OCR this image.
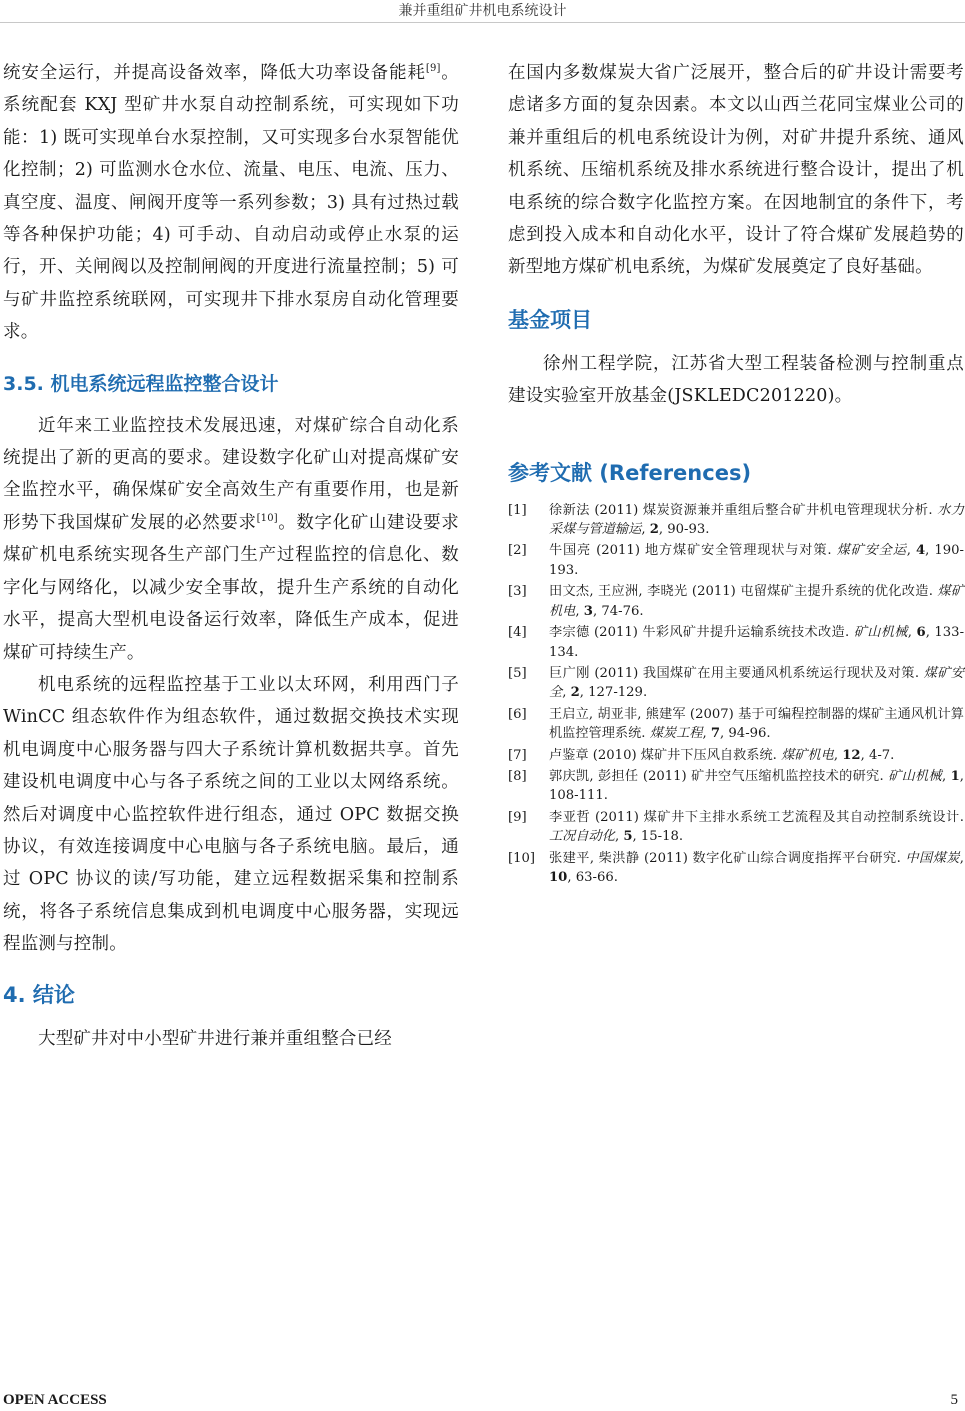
兼并重组矿井机电系统设计

统安全运行，并提高设备效率，降低大功率设备能耗[9]。系统配套 KXJ 型矿井水泵自动控制系统，可实现如下功能：1) 既可实现单台水泵控制，又可实现多台水泵智能优化控制；2) 可监测水仓水位、流量、电压、电流、压力、真空度、温度、闸阀开度等一系列参数；3) 具有过热过载等各种保护功能；4) 可手动、自动启动或停止水泵的运行，开、关闸阀以及控制闸阀的开度进行流量控制；5) 可与矿井监控系统联网，可实现井下排水泵房自动化管理要求。

3.5. 机电系统远程监控整合设计

近年来工业监控技术发展迅速，对煤矿综合自动化系统提出了新的更高的要求。建设数字化矿山对提高煤矿安全监控水平，确保煤矿安全高效生产有重要作用，也是新形势下我国煤矿发展的必然要求[10]。数字化矿山建设要求煤矿机电系统实现各生产部门生产过程监控的信息化、数字化与网络化，以减少安全事故，提升生产系统的自动化水平，提高大型机电设备运行效率，降低生产成本，促进煤矿可持续生产。

机电系统的远程监控基于工业以太环网，利用西门子 WinCC 组态软件作为组态软件，通过数据交换技术实现机电调度中心服务器与四大子系统计算机数据共享。首先建设机电调度中心与各子系统之间的工业以太网络系统。然后对调度中心监控软件进行组态，通过 OPC 数据交换协议，有效连接调度中心电脑与各子系统电脑。最后，通过 OPC 协议的读/写功能，建立远程数据采集和控制系统，将各子系统信息集成到机电调度中心服务器，实现远程监测与控制。

4. 结论

大型矿井对中小型矿井进行兼并重组整合已经

在国内多数煤炭大省广泛展开，整合后的矿井设计需要考虑诸多方面的复杂因素。本文以山西兰花同宝煤业公司的兼并重组后的机电系统设计为例，对矿井提升系统、通风机系统、压缩机系统及排水系统进行整合设计，提出了机电系统的综合数字化监控方案。在因地制宜的条件下，考虑到投入成本和自动化水平，设计了符合煤矿发展趋势的新型地方煤矿机电系统，为煤矿发展奠定了良好基础。

基金项目

徐州工程学院，江苏省大型工程装备检测与控制重点建设实验室开放基金(JSKLEDC201220)。

参考文献 (References)
[1]	徐新法 (2011) 煤炭资源兼并重组后整合矿井机电管理现状分析. 水力采煤与管道输运, 2, 90-93.
[2]	牛国亮 (2011) 地方煤矿安全管理现状与对策. 煤矿安全运, 4, 190-193.
[3]	田文杰, 王应洲, 李晓光 (2011) 屯留煤矿主提升系统的优化改造. 煤矿机电, 3, 74-76.
[4]	李宗德 (2011) 牛彩风矿井提升运输系统技术改造. 矿山机械, 6, 133-134.
[5]	巨广刚 (2011) 我国煤矿在用主要通风机系统运行现状及对策. 煤矿安全, 2, 127-129.
[6]	王启立, 胡亚非, 熊建军 (2007) 基于可编程控制器的煤矿主通风机计算机监控管理系统. 煤炭工程, 7, 94-96.
[7]	卢鉴章 (2010) 煤矿井下压风自救系统. 煤矿机电, 12, 4-7.
[8]	郭庆凯, 彭担任 (2011) 矿井空气压缩机监控技术的研究. 矿山机械, 1, 108-111.
[9]	李亚哲 (2011) 煤矿井下主排水系统工艺流程及其自动控制系统设计. 工况自动化, 5, 15-18.
[10]	张建平, 柴洪静 (2011) 数字化矿山综合调度指挥平台研究. 中国煤炭, 10, 63-66.
OPEN ACCESS	5
